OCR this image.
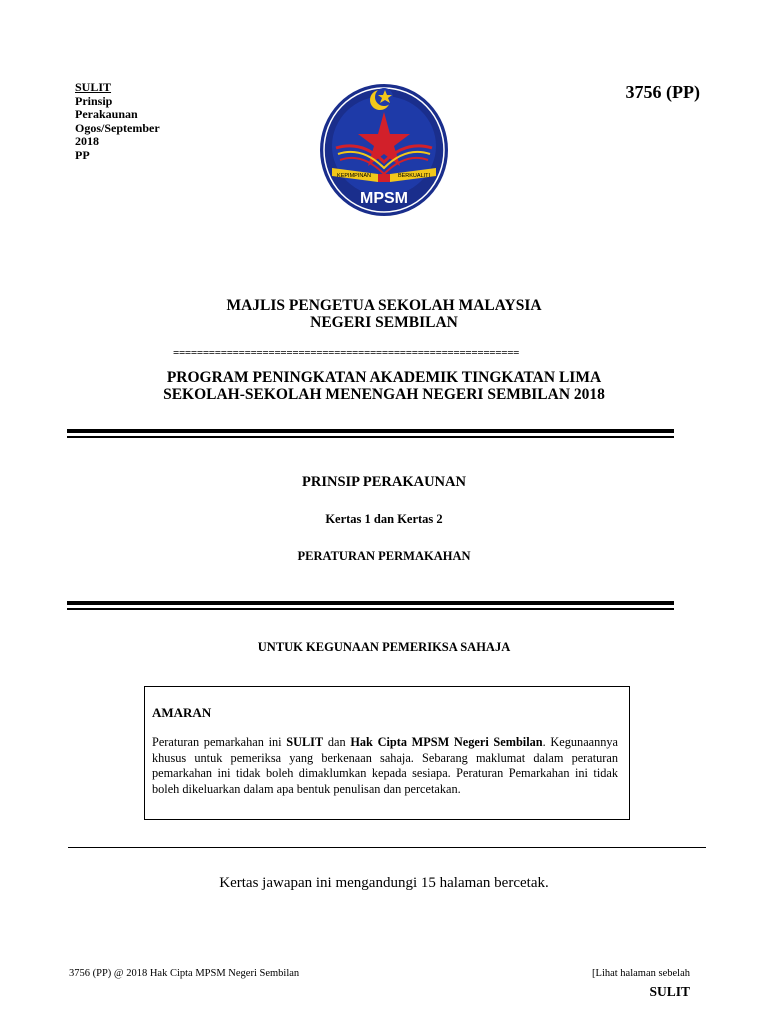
SULIT
Prinsip
Perakaunan
Ogos/September
2018
PP
3756 (PP)
KEPIMPINAN	BERKUALITI
MPSM
MAJLIS PENGETUA SEKOLAH MALAYSIA
NEGERI SEMBILAN
==========================================================
PROGRAM PENINGKATAN AKADEMIK TINGKATAN LIMA
SEKOLAH-SEKOLAH MENENGAH NEGERI SEMBILAN 2018
PRINSIP PERAKAUNAN
Kertas 1 dan Kertas 2
PERATURAN PERMAKAHAN
UNTUK KEGUNAAN PEMERIKSA SAHAJA
AMARAN
Peraturan pemarkahan ini SULIT dan Hak Cipta MPSM Negeri Sembilan. Kegunaannya khusus untuk pemeriksa yang berkenaan sahaja. Sebarang maklumat dalam peraturan pemarkahan ini tidak boleh dimaklumkan kepada sesiapa. Peraturan Pemarkahan ini tidak boleh dikeluarkan dalam apa bentuk penulisan dan percetakan.
Kertas jawapan ini mengandungi 15 halaman bercetak.
3756 (PP) @ 2018 Hak Cipta MPSM Negeri Sembilan	[Lihat halaman sebelah
SULIT
